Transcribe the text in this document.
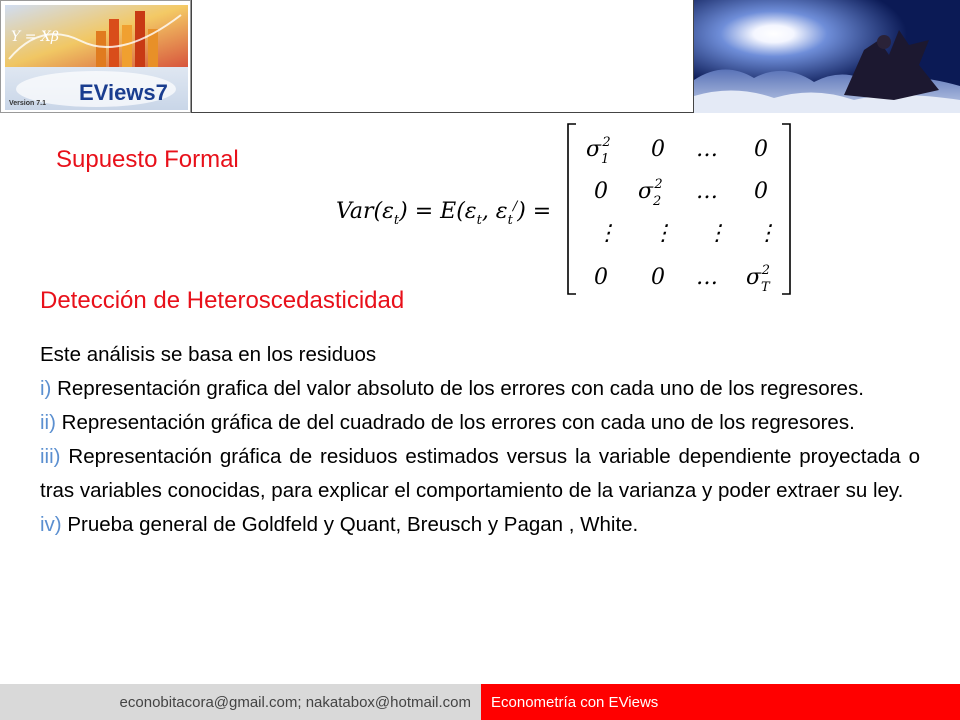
Y = Xβ
EViews7
Version 7.1
Supuesto Formal
$Var(\varepsilon_t) = E(\varepsilon_t$, $\varepsilon_t^/$) =
$\sigma_12$ 0 … 0
0 $\sigma_22$ … 0
⋮ ⋮ ⋮ ⋮
0 0 … $\sigma_T2$
Detección de Heteroscedasticidad

Este análisis se basa en los residuos

i) Representación grafica del valor absoluto de los errores con cada uno de los regresores.

ii) Representación gráfica de del cuadrado de los errores con cada uno de los regresores.

iii) Representación gráfica de residuos estimados versus la variable dependiente proyectada o tras variables conocidas, para explicar el comportamiento de la varianza y poder extraer su ley.

iv) Prueba general de Goldfeld y Quant, Breusch y Pagan , White.

econobitacora@gmail.com; nakatabox@hotmail.com Econometría con EViews
